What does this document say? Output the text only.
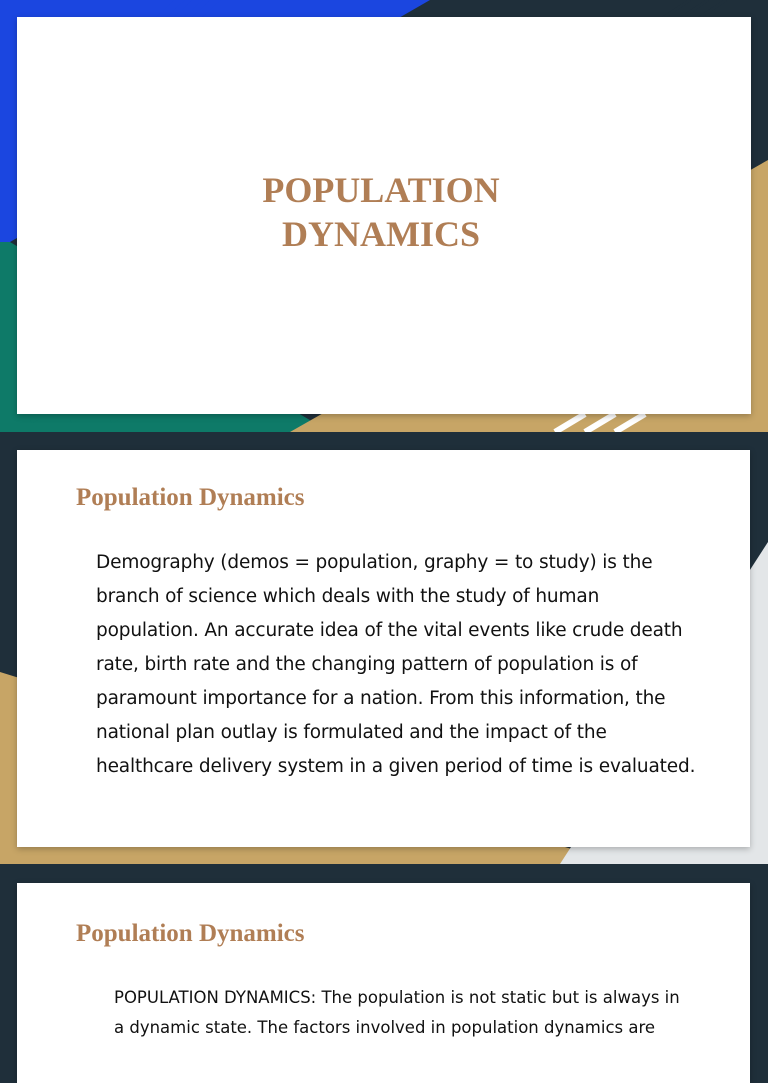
POPULATION
DYNAMICS
Population Dynamics

Demography (demos = population, graphy = to study) is the branch of science which deals with the study of human population. An accurate idea of the vital events like crude death rate, birth rate and the changing pattern of population is of paramount importance for a nation. From this information, the national plan outlay is formulated and the impact of the healthcare delivery system in a given period of time is evaluated.

Population Dynamics

POPULATION DYNAMICS: The population is not static but is always in a dynamic state. The factors involved in population dynamics are
